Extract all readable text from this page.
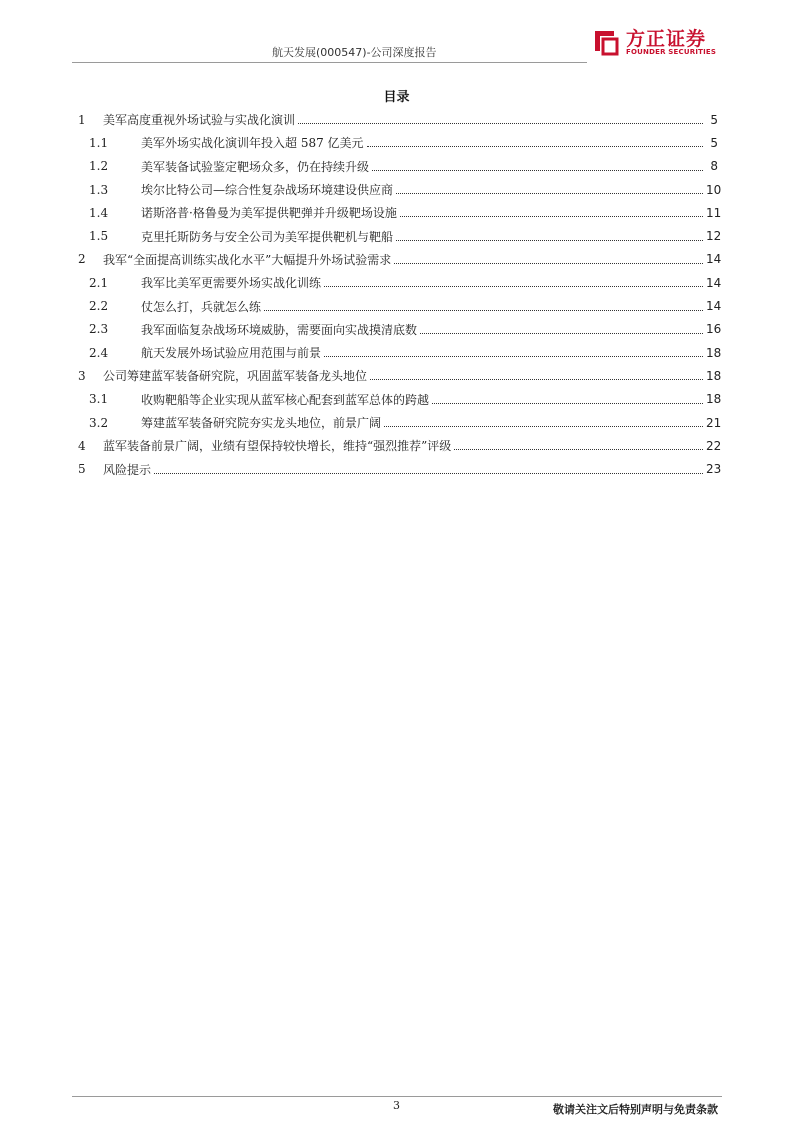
航天发展(000547)-公司深度报告
方正证券
FOUNDER SECURITIES
目录
1	美军高度重视外场试验与实战化演训	5
1.1	美军外场实战化演训年投入超 587 亿美元	5
1.2	美军装备试验鉴定靶场众多，仍在持续升级	8
1.3	埃尔比特公司—综合性复杂战场环境建设供应商	10
1.4	诺斯洛普·格鲁曼为美军提供靶弹并升级靶场设施	11
1.5	克里托斯防务与安全公司为美军提供靶机与靶船	12
2	我军“全面提高训练实战化水平”大幅提升外场试验需求	14
2.1	我军比美军更需要外场实战化训练	14
2.2	仗怎么打，兵就怎么练	14
2.3	我军面临复杂战场环境威胁，需要面向实战摸清底数	16
2.4	航天发展外场试验应用范围与前景	18
3	公司筹建蓝军装备研究院，巩固蓝军装备龙头地位	18
3.1	收购靶船等企业实现从蓝军核心配套到蓝军总体的跨越	18
3.2	筹建蓝军装备研究院夯实龙头地位，前景广阔	21
4	蓝军装备前景广阔，业绩有望保持较快增长，维持“强烈推荐”评级	22
5	风险提示	23
3	敬请关注文后特别声明与免责条款
